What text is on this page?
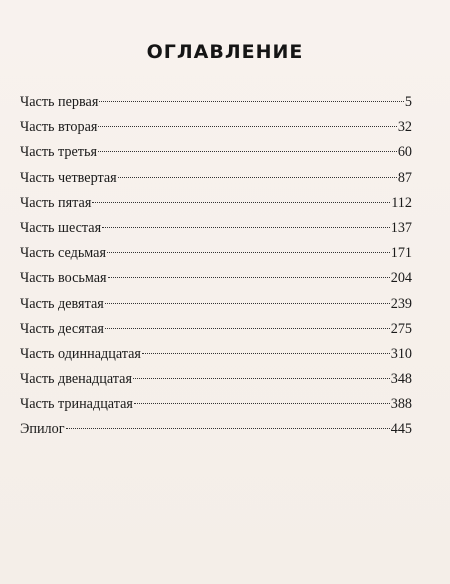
ОГЛАВЛЕНИЕ
Часть первая	5
Часть вторая	32
Часть третья	60
Часть четвертая	87
Часть пятая	112
Часть шестая	137
Часть седьмая	171
Часть восьмая	204
Часть девятая	239
Часть десятая	275
Часть одиннадцатая	310
Часть двенадцатая	348
Часть тринадцатая	388
Эпилог	445
